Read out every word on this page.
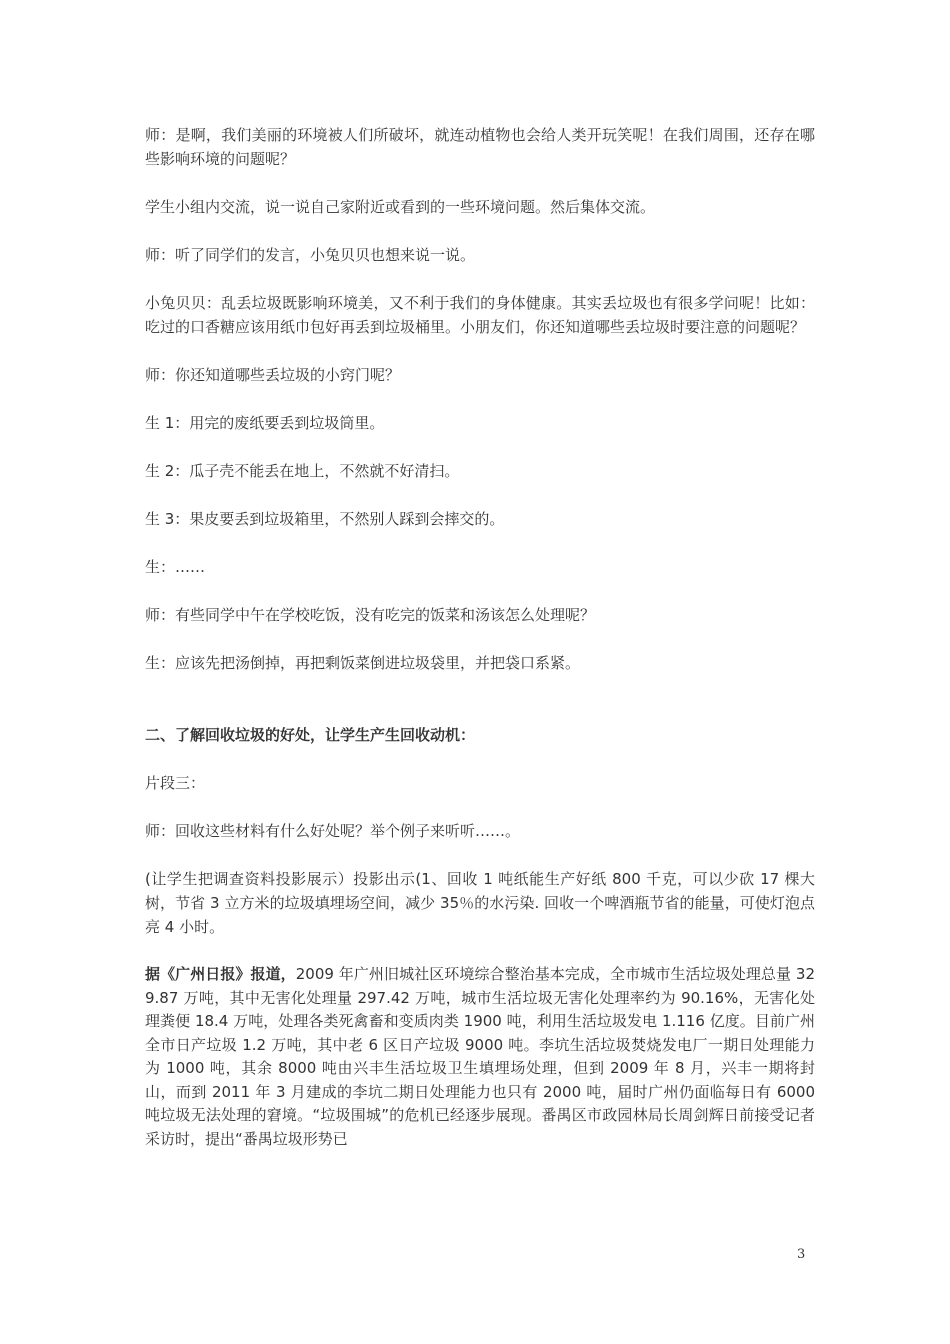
师：是啊，我们美丽的环境被人们所破坏，就连动植物也会给人类开玩笑呢！在我们周围，还存在哪些影响环境的问题呢？

学生小组内交流，说一说自己家附近或看到的一些环境问题。然后集体交流。

师：听了同学们的发言，小兔贝贝也想来说一说。

小兔贝贝：乱丢垃圾既影响环境美，又不利于我们的身体健康。其实丢垃圾也有很多学问呢！比如：吃过的口香糖应该用纸巾包好再丢到垃圾桶里。小朋友们，你还知道哪些丢垃圾时要注意的问题呢？

师：你还知道哪些丢垃圾的小窍门呢？

生 1：用完的废纸要丢到垃圾筒里。

生 2：瓜子壳不能丢在地上，不然就不好清扫。

生 3：果皮要丢到垃圾箱里，不然别人踩到会摔交的。

生：……

师：有些同学中午在学校吃饭，没有吃完的饭菜和汤该怎么处理呢？

生：应该先把汤倒掉，再把剩饭菜倒进垃圾袋里，并把袋口系紧。

二、了解回收垃圾的好处，让学生产生回收动机：

片段三：

师：回收这些材料有什么好处呢？举个例子来听听……。

(让学生把调查资料投影展示）投影出示(1、回收 1 吨纸能生产好纸 800 千克，可以少砍 17 棵大树，节省 3 立方米的垃圾填埋场空间，减少 35％的水污染. 回收一个啤酒瓶节省的能量，可使灯泡点亮 4 小时。

据《广州日报》报道，2009 年广州旧城社区环境综合整治基本完成，全市城市生活垃圾处理总量 329.87 万吨，其中无害化处理量 297.42 万吨，城市生活垃圾无害化处理率约为 90.16%，无害化处理粪便 18.4 万吨，处理各类死禽畜和变质肉类 1900 吨，利用生活垃圾发电 1.116 亿度。目前广州全市日产垃圾 1.2 万吨，其中老 6 区日产垃圾 9000 吨。李坑生活垃圾焚烧发电厂一期日处理能力为 1000 吨，其余 8000 吨由兴丰生活垃圾卫生填埋场处理，但到 2009 年 8 月，兴丰一期将封山，而到 2011 年 3 月建成的李坑二期日处理能力也只有 2000 吨，届时广州仍面临每日有 6000 吨垃圾无法处理的窘境。“垃圾围城”的危机已经逐步展现。番禺区市政园林局长周剑辉日前接受记者采访时，提出“番禺垃圾形势已

3
